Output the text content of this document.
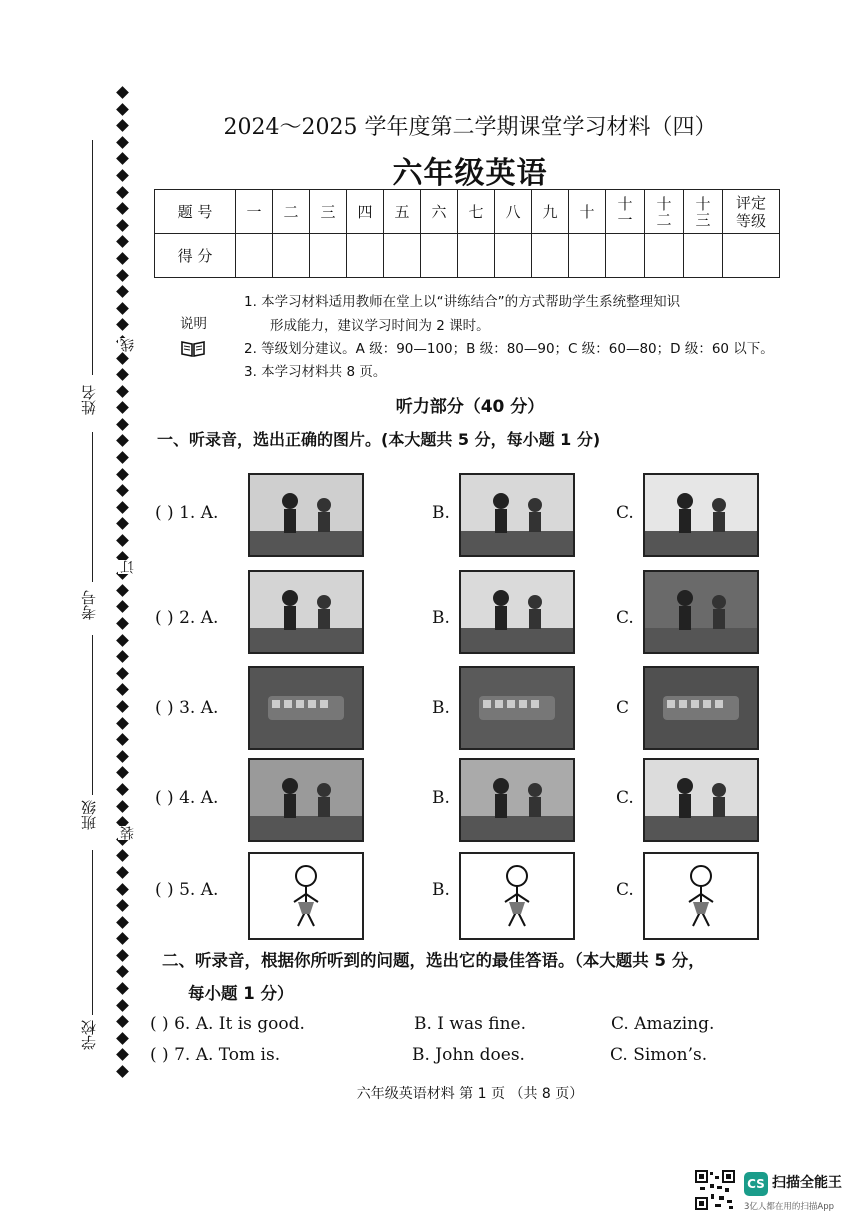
姓名
考号
班级
学校
线
订
装
2024～2025 学年度第二学期课堂学习材料（四）
六年级英语
题 号	一	二	三	四	五	六	七	八	九	十	十一	十二	十三	评定等级
得 分														
说明
1. 本学习材料适用教师在堂上以“讲练结合”的方式帮助学生系统整理知识
形成能力，建议学习时间为 2 课时。
2. 等级划分建议。A 级：90—100；B 级：80—90；C 级：60—80；D 级：60 以下。
3. 本学习材料共 8 页。
听力部分（40 分）
一、听录音，选出正确的图片。(本大题共 5 分，每小题 1 分)
( ) 1. A.	B.	C.
( ) 2. A.	B.	C.
( ) 3. A.	B.	C
( ) 4. A.	B.	C.
( ) 5. A.	B.	C.
二、听录音，根据你所听到的问题，选出它的最佳答语。（本大题共 5 分，
每小题 1 分）
( ) 6. A. It is good.	B. I was fine.	C. Amazing.
( ) 7. A. Tom is.	B. John does.	C. Simon’s.
六年级英语材料 第 1 页 （共 8 页）
CS 扫描全能王
3亿人都在用的扫描App
